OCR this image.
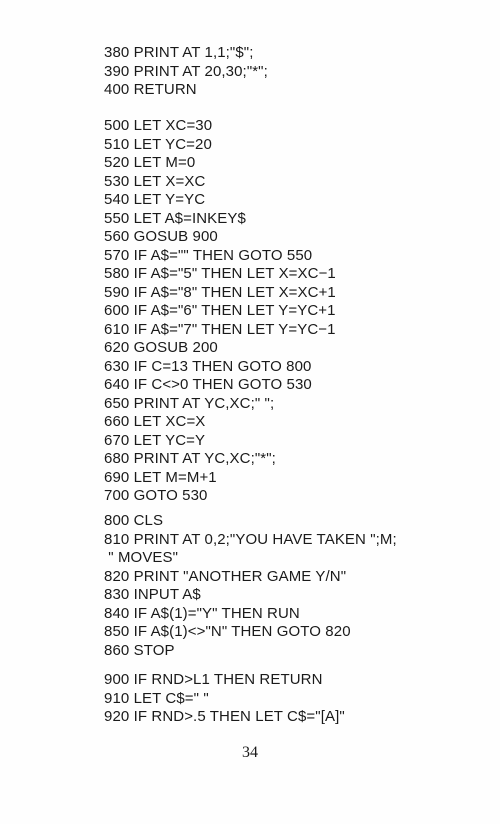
380 PRINT AT 1,1;"$";
390 PRINT AT 20,30;"*";
400 RETURN
500 LET XC=30
510 LET YC=20
520 LET M=0
530 LET X=XC
540 LET Y=YC
550 LET A$=INKEY$
560 GOSUB 900
570 IF A$="" THEN GOTO 550
580 IF A$="5" THEN LET X=XC−1
590 IF A$="8" THEN LET X=XC+1
600 IF A$="6" THEN LET Y=YC+1
610 IF A$="7" THEN LET Y=YC−1
620 GOSUB 200
630 IF C=13 THEN GOTO 800
640 IF C<>0 THEN GOTO 530
650 PRINT AT YC,XC;" ";
660 LET XC=X
670 LET YC=Y
680 PRINT AT YC,XC;"*";
690 LET M=M+1
700 GOTO 530
800 CLS
810 PRINT AT 0,2;"YOU HAVE TAKEN ";M;
" MOVES"
820 PRINT "ANOTHER GAME Y/N"
830 INPUT A$
840 IF A$(1)="Y" THEN RUN
850 IF A$(1)<>"N" THEN GOTO 820
860 STOP
900 IF RND>L1 THEN RETURN
910 LET C$=" "
920 IF RND>.5 THEN LET C$="[A]"
34
